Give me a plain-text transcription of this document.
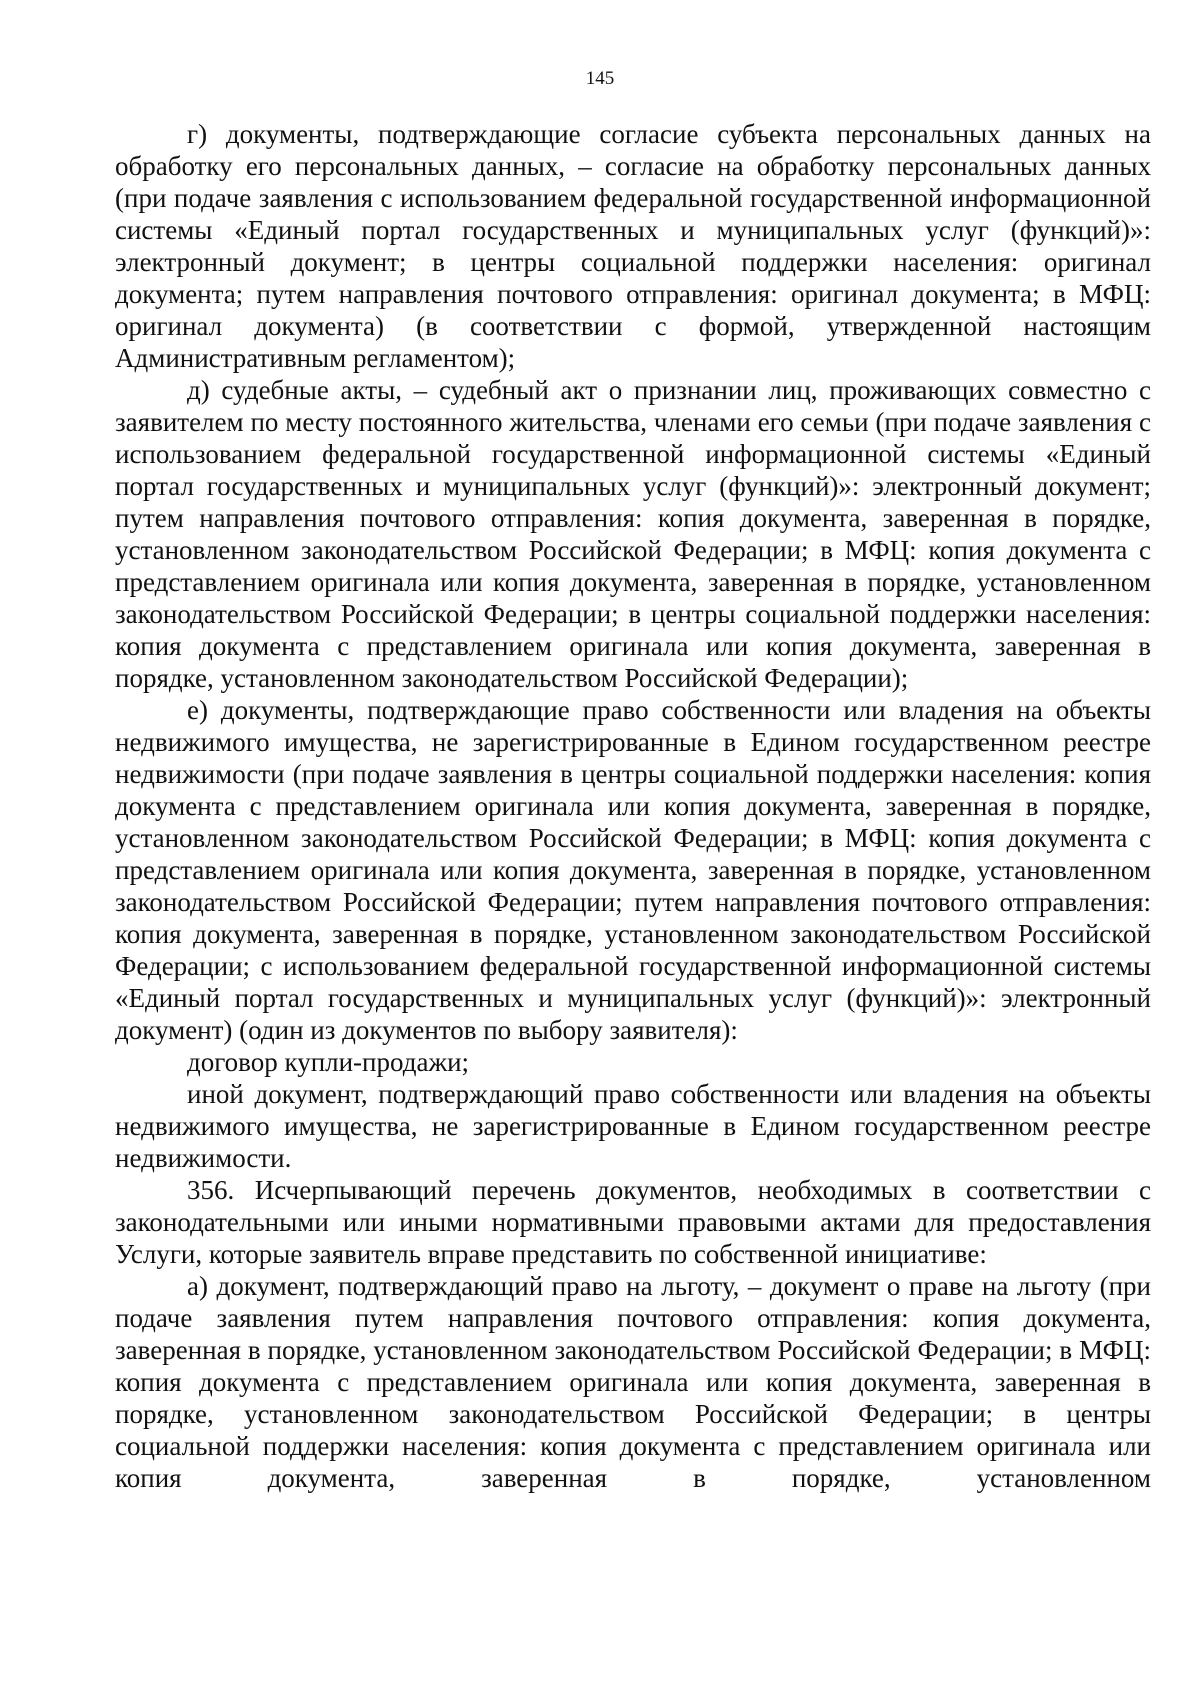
145

г) документы, подтверждающие согласие субъекта персональных данных на обработку его персональных данных, – согласие на обработку персональных данных (при подаче заявления с использованием федеральной государственной информационной системы «Единый портал государственных и муниципальных услуг (функций)»: электронный документ; в центры социальной поддержки населения: оригинал документа; путем направления почтового отправления: оригинал документа; в МФЦ: оригинал документа) (в соответствии с формой, утвержденной настоящим Административным регламентом);

д) судебные акты, – судебный акт о признании лиц, проживающих совместно с заявителем по месту постоянного жительства, членами его семьи (при подаче заявления с использованием федеральной государственной информационной системы «Единый портал государственных и муниципальных услуг (функций)»: электронный документ; путем направления почтового отправления: копия документа, заверенная в порядке, установленном законодательством Российской Федерации; в МФЦ: копия документа с представлением оригинала или копия документа, заверенная в порядке, установленном законодательством Российской Федерации; в центры социальной поддержки населения: копия документа с представлением оригинала или копия документа, заверенная в порядке, установленном законодательством Российской Федерации);

е) документы, подтверждающие право собственности или владения на объекты недвижимого имущества, не зарегистрированные в Едином государственном реестре недвижимости (при подаче заявления в центры социальной поддержки населения: копия документа с представлением оригинала или копия документа, заверенная в порядке, установленном законодательством Российской Федерации; в МФЦ: копия документа с представлением оригинала или копия документа, заверенная в порядке, установленном законодательством Российской Федерации; путем направления почтового отправления: копия документа, заверенная в порядке, установленном законодательством Российской Федерации; с использованием федеральной государственной информационной системы «Единый портал государственных и муниципальных услуг (функций)»: электронный документ) (один из документов по выбору заявителя):

договор купли-продажи;

иной документ, подтверждающий право собственности или владения на объекты недвижимого имущества, не зарегистрированные в Едином государственном реестре недвижимости.

356. Исчерпывающий перечень документов, необходимых в соответствии с законодательными или иными нормативными правовыми актами для предоставления Услуги, которые заявитель вправе представить по собственной инициативе:

а) документ, подтверждающий право на льготу, – документ о праве на льготу (при подаче заявления путем направления почтового отправления: копия документа, заверенная в порядке, установленном законодательством Российской Федерации; в МФЦ: копия документа с представлением оригинала или копия документа, заверенная в порядке, установленном законодательством Российской Федерации; в центры социальной поддержки населения: копия документа с представлением оригинала или копия документа, заверенная в порядке, установленном
